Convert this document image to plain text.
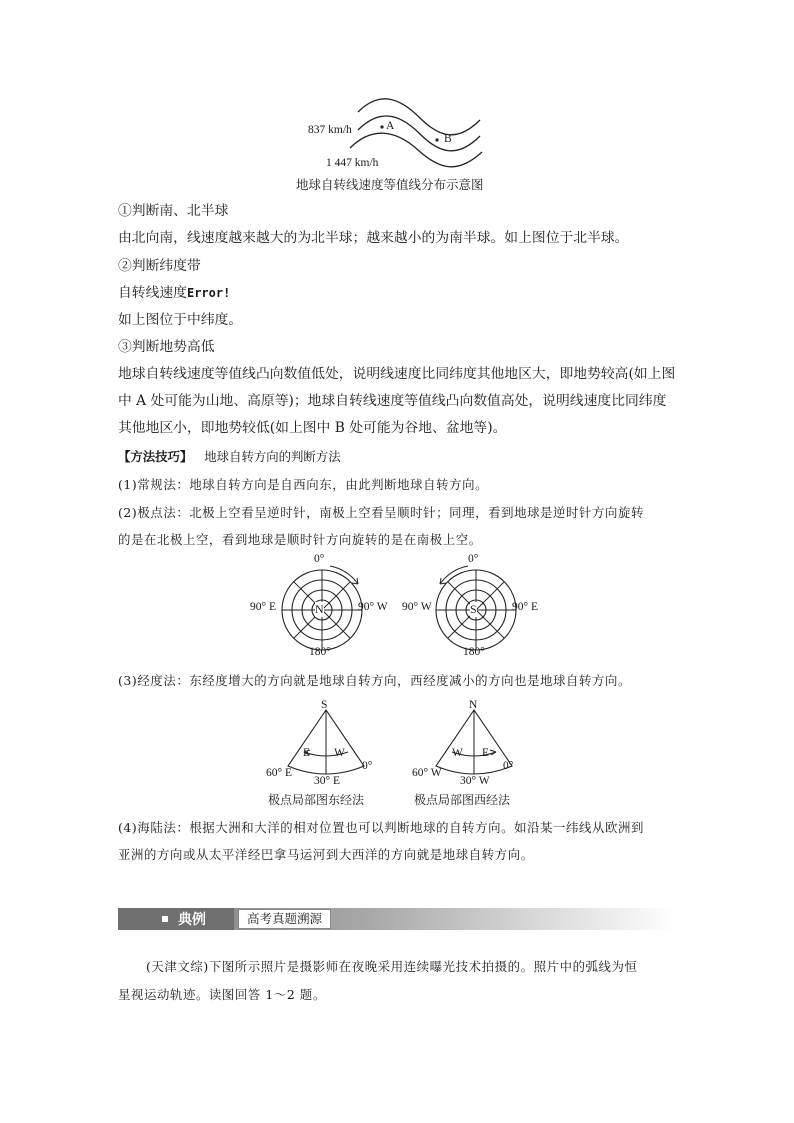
837 km/h	A
B
1 447 km/h
地球自转线速度等值线分布示意图
①判断南、北半球
由北向南，线速度越来越大的为北半球；越来越小的为南半球。如上图位于北半球。
②判断纬度带
自转线速度Error!
如上图位于中纬度。
③判断地势高低
地球自转线速度等值线凸向数值低处，说明线速度比同纬度其他地区大，即地势较高(如上图
中 A 处可能为山地、高原等)；地球自转线速度等值线凸向数值高处，说明线速度比同纬度
其他地区小，即地势较低(如上图中 B 处可能为谷地、盆地等)。
【方法技巧】 地球自转方向的判断方法
(1)常规法：地球自转方向是自西向东，由此判断地球自转方向。
(2)极点法：北极上空看呈逆时针，南极上空看呈顺时针；同理，看到地球是逆时针方向旋转
的是在北极上空，看到地球是顺时针方向旋转的是在南极上空。
0°
90° E	90° W
180°
N
0°
90° W	90° E
180°
S
(3)经度法：东经度增大的方向就是地球自转方向，西经度减小的方向也是地球自转方向。
S
E W
0°
60° E
30° E
极点局部图东经法
N
W E
0°
60° W
30° W
极点局部图西经法
(4)海陆法：根据大洲和大洋的相对位置也可以判断地球的自转方向。如沿某一纬线从欧洲到
亚洲的方向或从太平洋经巴拿马运河到大西洋的方向就是地球自转方向。
典例	高考真题溯源
(天津文综)下图所示照片是摄影师在夜晚采用连续曝光技术拍摄的。照片中的弧线为恒
星视运动轨迹。读图回答 1～2 题。
